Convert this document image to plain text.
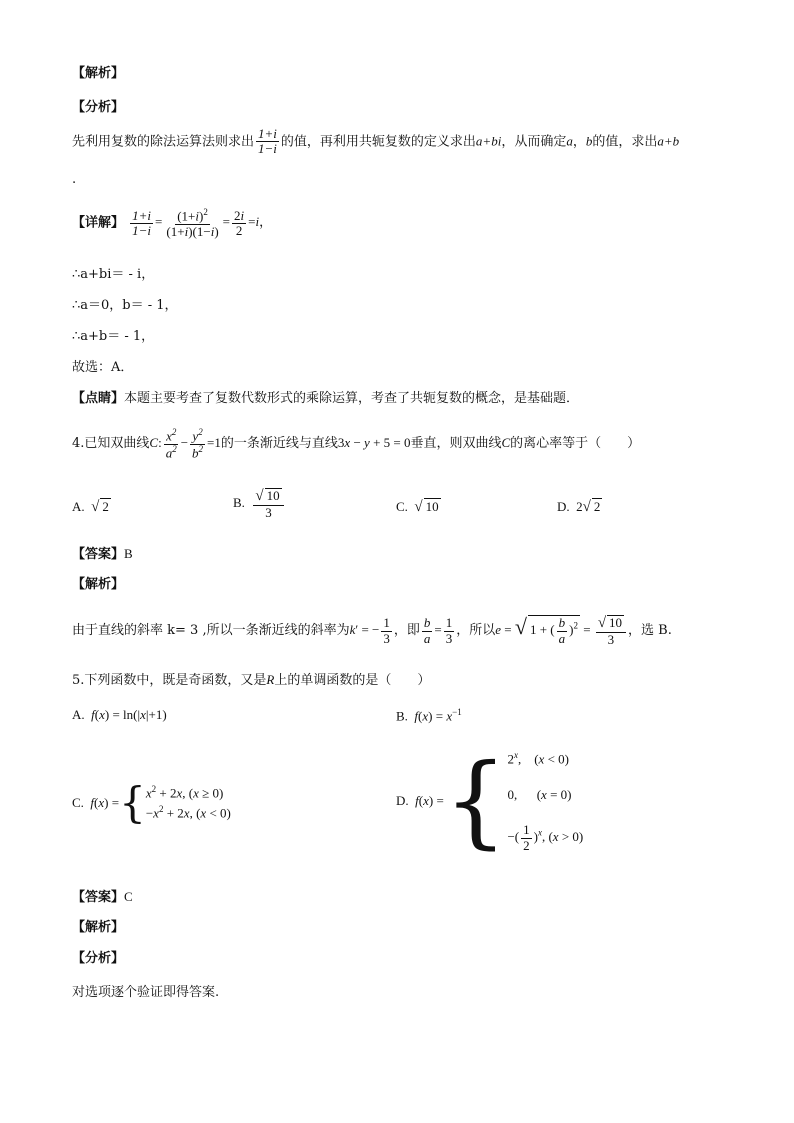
【解析】
【分析】
先利用复数的除法运算法则求出 $\frac{1+i}{1-i}$ 的值，再利用共轭复数的定义求出a+bi，从而确定a，b的值，求出a+b
.
【详解】 $\frac{1+i}{1-i} = \frac{(1+i)^2}{(1+i)(1-i)} = \frac{2i}{2} =i$，
∴a+bi＝ - i，
∴a＝0，b＝ - 1，
∴a+b＝ - 1，
故选：A．
【点睛】本题主要考查了复数代数形式的乘除运算，考查了共轭复数的概念，是基础题．
4.已知双曲线C: $\frac{x^2}{a^2} - \frac{y^2}{b^2} =1$的一条渐近线与直线3x − y + 5 = 0垂直，则双曲线C的离心率等于（　　）
A. √ 2	B. $\frac{√ 10}{3}$	C. √ 10	D.  2√ 2
【答案】B
【解析】
由于直线的斜率 k= 3 ,所以一条渐近线的斜率为k′ = − $\frac{1}{3}$ ，即 $\frac{b}{a} = \frac{1}{3}$ ，所以e = √ 1 + ( $\frac{b}{a} )^2 = \frac{√ 10}{3}$ ，选 B.
5.下列函数中，既是奇函数，又是R上的单调函数的是（　　）
A. f(x) = ln(|x|+1)	B. $f(x) = x^{-1}$
C.
f ( x ) = { $x^2 + 2x$, (x ≥ 0)
$-x^2 + 2x$, (x < 0)
D.
f ( x ) = { 2$^x$,    (x < 0)
0,      (x = 0)
−( $\frac{1}{2} )^x$, (x > 0)
【答案】C
【解析】
【分析】
对选项逐个验证即得答案.
